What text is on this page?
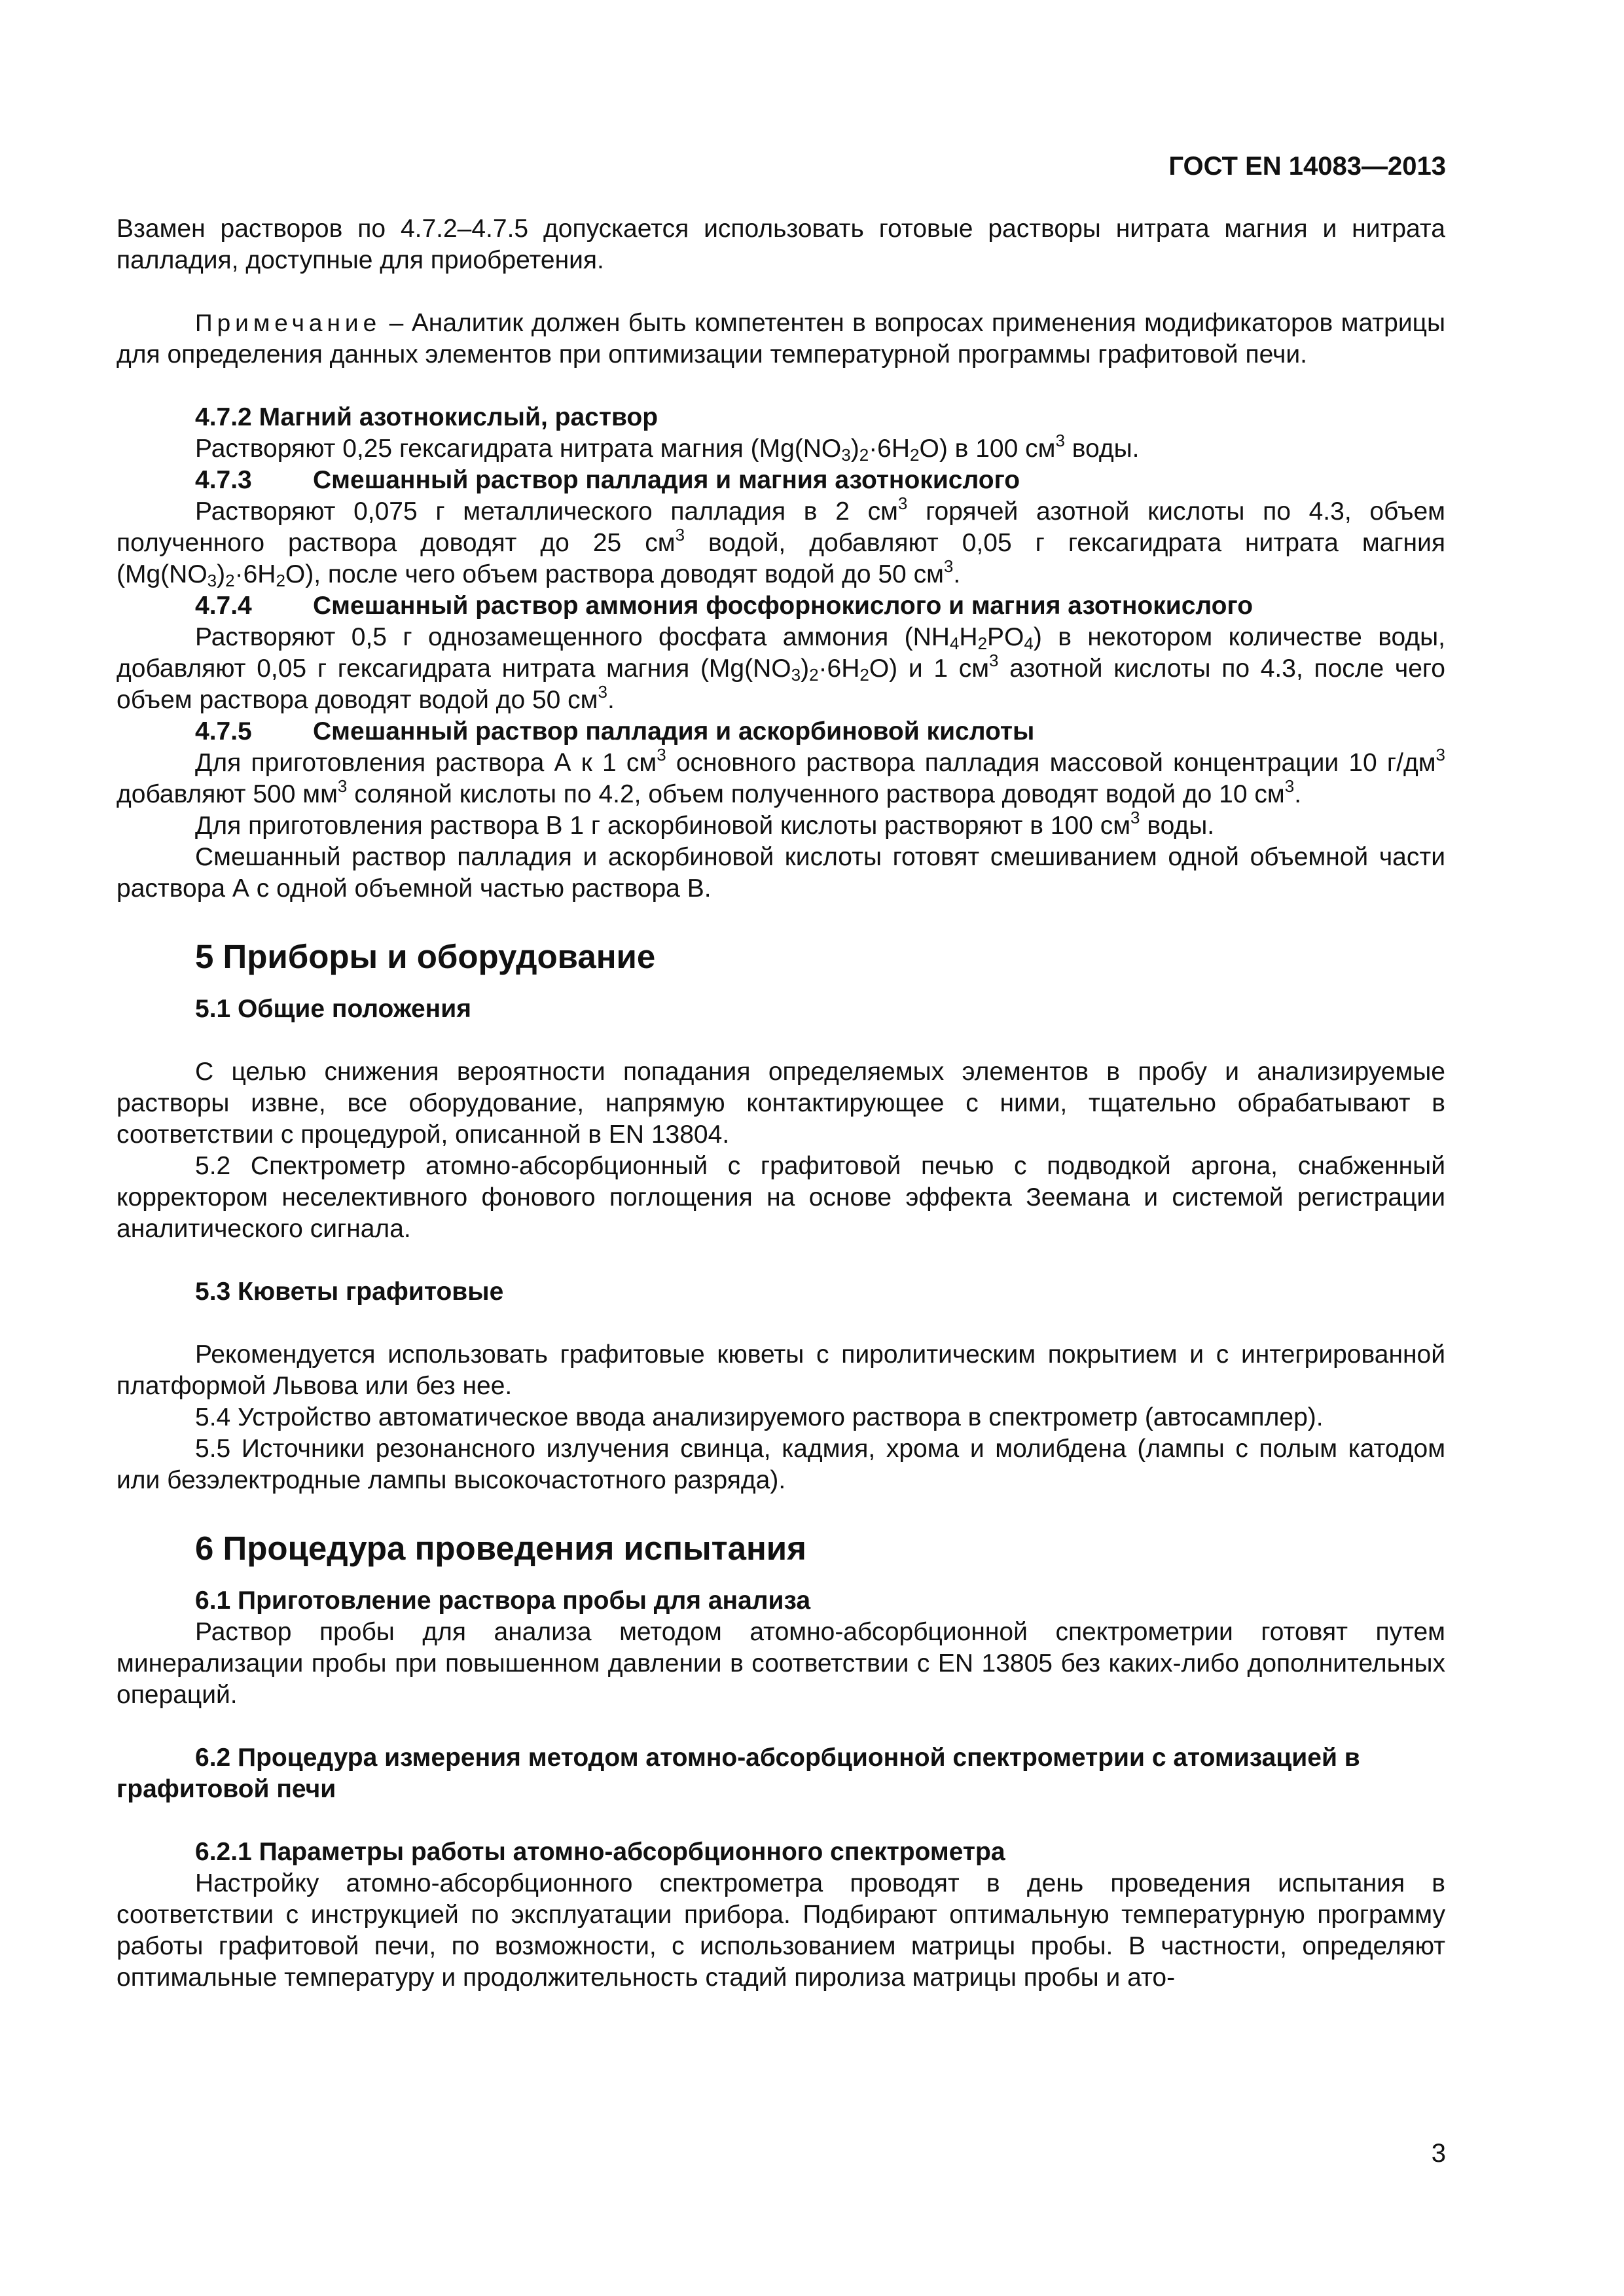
ГОСТ EN 14083—2013

Взамен растворов по 4.7.2–4.7.5 допускается использовать готовые растворы нитрата магния и нитрата палладия, доступные для приобретения.

Примечание – Аналитик должен быть компетентен в вопросах применения модификаторов матрицы для определения данных элементов при оптимизации температурной программы графитовой печи.

4.7.2 Магний азотнокислый, раствор

Растворяют 0,25 гексагидрата нитрата магния $(Mg(NO_3)_2\cdot 6H_2O)$ в 100 $см^3$ воды.

4.7.3 Смешанный раствор палладия и магния азотнокислого

Растворяют 0,075 г металлического палладия в 2 $см^3$ горячей азотной кислоты по 4.3, объем полученного раствора доводят до 25 $см^3$ водой, добавляют 0,05 г гексагидрата нитрата магния $(Mg(NO_3)_2\cdot 6H_2O)$, после чего объем раствора доводят водой до 50 $см^3$.

4.7.4 Смешанный раствор аммония фосфорнокислого и магния азотнокислого

Растворяют 0,5 г однозамещенного фосфата аммония $(NH_4H_2PO_4)$ в некотором количестве воды, добавляют 0,05 г гексагидрата нитрата магния $(Mg(NO_3)_2\cdot 6H_2O)$ и 1 $см^3$ азотной кислоты по 4.3, после чего объем раствора доводят водой до 50 $см^3$.

4.7.5 Смешанный раствор палладия и аскорбиновой кислоты

Для приготовления раствора А к 1 $см^3$ основного раствора палладия массовой концентрации 10 $г/дм^3$ добавляют 500 $мм^3$ соляной кислоты по 4.2, объем полученного раствора доводят водой до 10 $см^3$.

Для приготовления раствора В 1 г аскорбиновой кислоты растворяют в 100 $см^3$ воды.

Смешанный раствор палладия и аскорбиновой кислоты готовят смешиванием одной объемной части раствора А с одной объемной частью раствора В.

5 Приборы и оборудование
5.1 Общие положения

С целью снижения вероятности попадания определяемых элементов в пробу и анализируемые растворы извне, все оборудование, напрямую контактирующее с ними, тщательно обрабатывают в соответствии с процедурой, описанной в EN 13804.

5.2 Спектрометр атомно-абсорбционный с графитовой печью с подводкой аргона, снабженный корректором неселективного фонового поглощения на основе эффекта Зеемана и системой регистрации аналитического сигнала.

5.3 Кюветы графитовые

Рекомендуется использовать графитовые кюветы с пиролитическим покрытием и с интегрированной платформой Львова или без нее.

5.4 Устройство автоматическое ввода анализируемого раствора в спектрометр (автосамплер).

5.5 Источники резонансного излучения свинца, кадмия, хрома и молибдена (лампы с полым катодом или безэлектродные лампы высокочастотного разряда).

6 Процедура проведения испытания
6.1 Приготовление раствора пробы для анализа

Раствор пробы для анализа методом атомно-абсорбционной спектрометрии готовят путем минерализации пробы при повышенном давлении в соответствии с EN 13805 без каких-либо дополнительных операций.

6.2 Процедура измерения методом атомно-абсорбционной спектрометрии с атомизацией в графитовой печи
6.2.1 Параметры работы атомно-абсорбционного спектрометра

Настройку атомно-абсорбционного спектрометра проводят в день проведения испытания в соответствии с инструкцией по эксплуатации прибора. Подбирают оптимальную температурную программу работы графитовой печи, по возможности, с использованием матрицы пробы. В частности, определяют оптимальные температуру и продолжительность стадий пиролиза матрицы пробы и ато-

3
